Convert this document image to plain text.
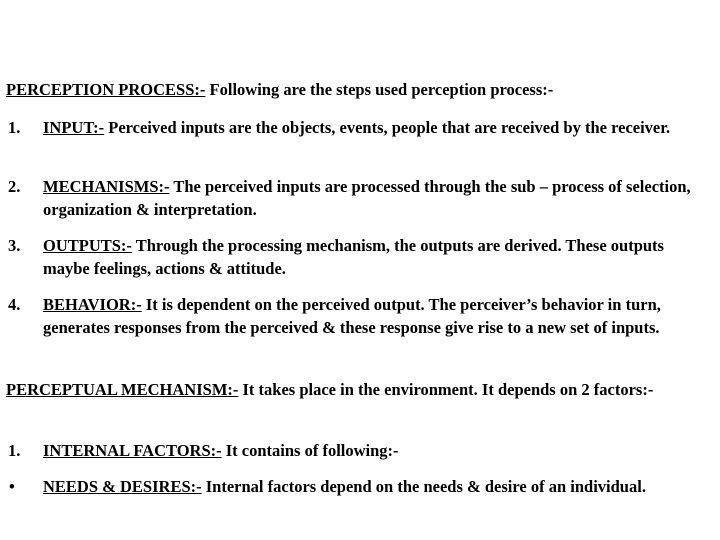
PERCEPTION PROCESS:- Following are the steps used perception process:-
1. INPUT:- Perceived inputs are the objects, events, people that are received by the receiver.
2. MECHANISMS:- The perceived inputs are processed through the sub – process of selection, organization & interpretation.
3. OUTPUTS:- Through the processing mechanism, the outputs are derived. These outputs maybe feelings, actions & attitude.
4. BEHAVIOR:- It is dependent on the perceived output. The perceiver’s behavior in turn, generates responses from the perceived & these response give rise to a new set of inputs.
PERCEPTUAL MECHANISM:- It takes place in the environment. It depends on 2 factors:-
1. INTERNAL FACTORS:- It contains of following:-
• NEEDS & DESIRES:- Internal factors depend on the needs & desire of an individual.
